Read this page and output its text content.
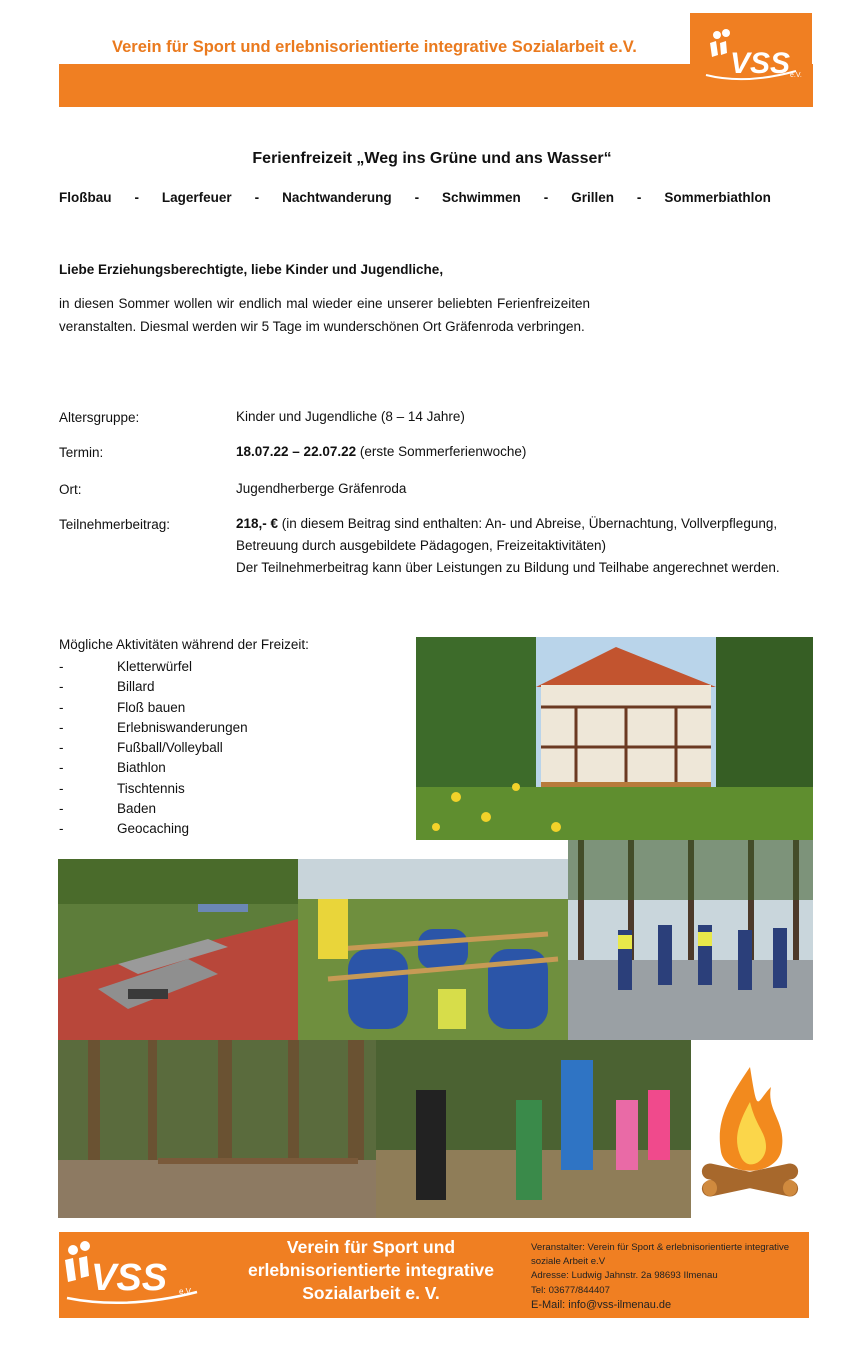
Verein für Sport und erlebnisorientierte integrative Sozialarbeit e.V.	VSS e.V.
Ferienfreizeit „Weg ins Grüne und ans Wasser“
Floßbau - Lagerfeuer - Nachtwanderung - Schwimmen - Grillen - Sommerbiathlon
Liebe Erziehungsberechtigte, liebe Kinder und Jugendliche,
in diesen Sommer wollen wir endlich mal wieder eine unserer beliebten Ferienfreizeiten veranstalten. Diesmal werden wir 5 Tage im wunderschönen Ort Gräfenroda verbringen.
Altersgruppe:	Kinder und Jugendliche (8 – 14 Jahre)
Termin:	18.07.22 – 22.07.22 (erste Sommerferienwoche)
Ort:	Jugendherberge Gräfenroda
Teilnehmerbeitrag:	218,- € (in diesem Beitrag sind enthalten: An- und Abreise, Übernachtung, Vollverpflegung, Betreuung durch ausgebildete Pädagogen, Freizeitaktivitäten)
Der Teilnehmerbeitrag kann über Leistungen zu Bildung und Teilhabe angerechnet werden.
Mögliche Aktivitäten während der Freizeit:
-	Kletterwürfel
-	Billard
-	Floß bauen
-	Erlebniswanderungen
-	Fußball/Volleyball
-	Biathlon
-	Tischtennis
-	Baden
-	Geocaching
VSS e.V.
Verein für Sport und erlebnisorientierte integrative Sozialarbeit e. V.
Veranstalter: Verein für Sport & erlebnisorientierte integrative soziale Arbeit e.V
Adresse: Ludwig Jahnstr. 2a 98693 Ilmenau
Tel: 03677/844407
E-Mail: info@vss-ilmenau.de
